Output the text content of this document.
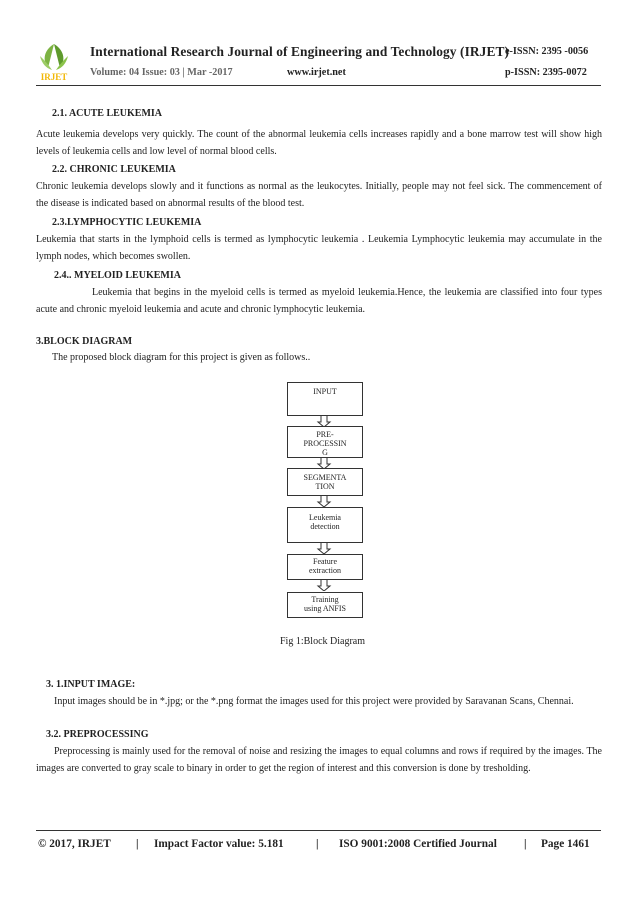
IRJET
International Research Journal of Engineering and Technology (IRJET)
e-ISSN: 2395 -0056
Volume: 04 Issue: 03 | Mar -2017	www.irjet.net	p-ISSN: 2395-0072
2.1. ACUTE LEUKEMIA
Acute leukemia develops very quickly. The count of the abnormal leukemia cells increases rapidly and a bone marrow test will show high levels of leukemia cells and low level of normal blood cells.
2.2. CHRONIC LEUKEMIA
Chronic leukemia develops slowly and it functions as normal as the leukocytes. Initially, people may not feel sick. The commencement of the disease is indicated based on abnormal results of the blood test.
2.3.LYMPHOCYTIC LEUKEMIA
Leukemia that starts in the lymphoid cells is termed as lymphocytic leukemia . Leukemia Lymphocytic leukemia may accumulate in the lymph nodes, which becomes swollen.
2.4.. MYELOID LEUKEMIA
Leukemia that begins in the myeloid cells is termed as myeloid leukemia.Hence, the leukemia are classified into four types acute and chronic myeloid leukemia and acute and chronic lymphocytic leukemia.
3.BLOCK DIAGRAM
The proposed block diagram for this project is given as follows..
INPUT
PRE-
PROCESSIN
G
SEGMENTA
TION
Leukemia
detection
Feature
extraction
Training
using ANFIS
Fig 1:Block Diagram
3. 1.INPUT IMAGE:
Input images should be in *.jpg; or the *.png format the images used for this project were provided by Saravanan Scans, Chennai.
3.2. PREPROCESSING
Preprocessing is mainly used for the removal of noise and resizing the images to equal columns and rows if required by the images. The images are converted to gray scale to binary in order to get the region of interest and this conversion is done by tresholding.
© 2017, IRJET | Impact Factor value: 5.181	| ISO 9001:2008 Certified Journal | Page 1461
